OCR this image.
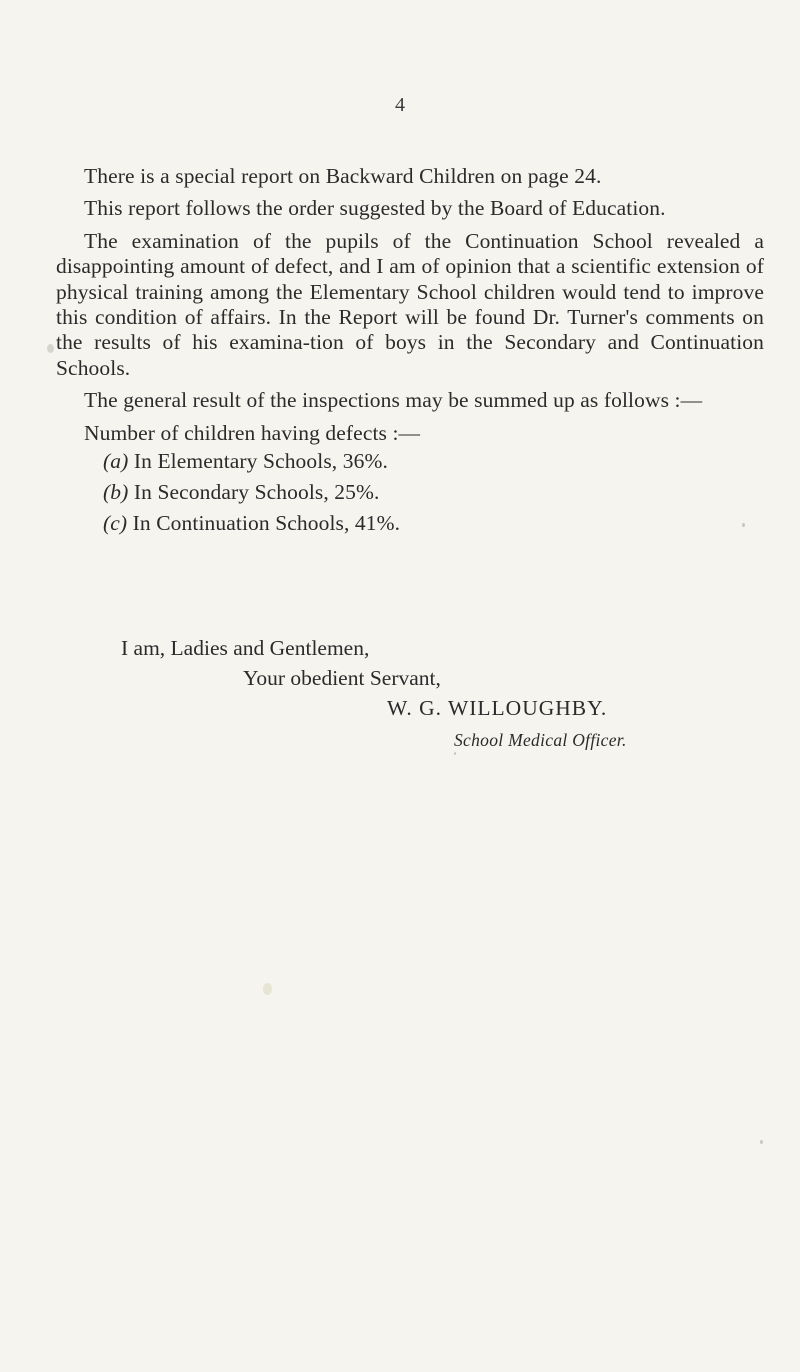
4

There is a special report on Backward Children on page 24.

This report follows the order suggested by the Board of Education.

The examination of the pupils of the Continuation School revealed a disappointing amount of defect, and I am of opinion that a scientific extension of physical training among the Elementary School children would tend to improve this condition of affairs. In the Report will be found Dr. Turner's comments on the results of his examina-tion of boys in the Secondary and Continuation Schools.

The general result of the inspections may be summed up as follows :—

Number of children having defects :—

(a) In Elementary Schools, 36%.
(b) In Secondary Schools, 25%.
(c) In Continuation Schools, 41%.
I am, Ladies and Gentlemen,
Your obedient Servant,
W. G. WILLOUGHBY.
School Medical Officer.
